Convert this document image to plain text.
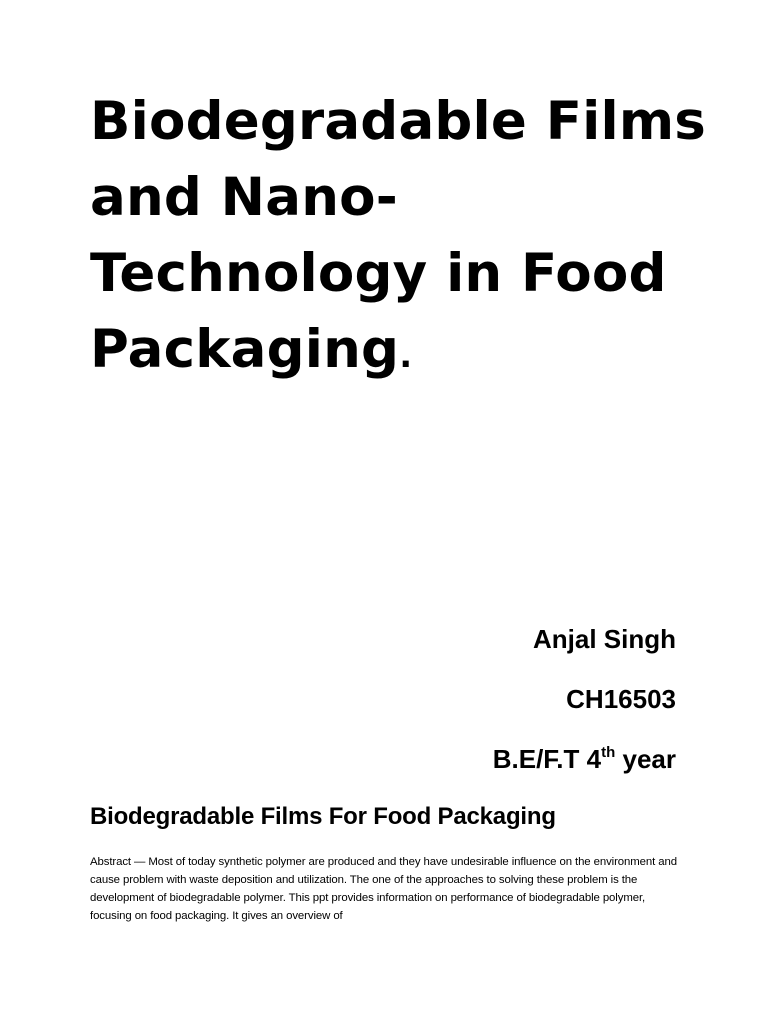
Biodegradable Films and Nano-Technology in Food Packaging.
Anjal Singh
CH16503
B.E/F.T 4th year
Biodegradable Films For Food Packaging

Abstract — Most of today synthetic polymer are produced and they have undesirable influence on the environment and cause problem with waste deposition and utilization. The one of the approaches to solving these problem is the development of biodegradable polymer. This ppt provides information on performance of biodegradable polymer, focusing on food packaging. It gives an overview of
